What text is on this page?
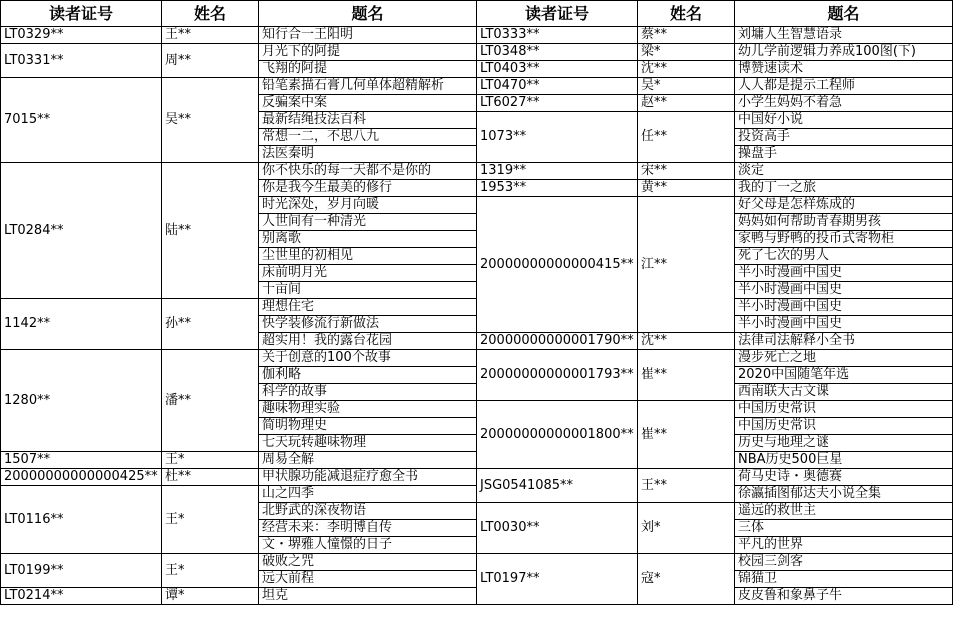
读者证号	姓名	题名	读者证号	姓名	题名
LT0329**	王**	知行合一王阳明	LT0333**	蔡**	刘墉人生智慧语录
LT0331**	周**	月光下的阿提	LT0348**	梁*	幼儿学前逻辑力养成100图(下)
		飞翔的阿提	LT0403**	沈**	博赞速读术
7015**	吴**	铅笔素描石膏几何单体超精解析	LT0470**	吴*	人人都是提示工程师
		反骗案中案	LT6027**	赵**	小学生妈妈不着急
		最新结绳技法百科	1073**	任**	中国好小说
		常想一二，不思八九			投资高手
		法医秦明			操盘手
LT0284**	陆**	你不快乐的每一天都不是你的	1319**	宋**	淡定
		你是我今生最美的修行	1953**	黄**	我的丁一之旅
		时光深处，岁月向暖	20000000000000415**	江**	好父母是怎样炼成的
		人世间有一种清光			妈妈如何帮助青春期男孩
		别离歌			家鸭与野鸭的投币式寄物柜
		尘世里的初相见			死了七次的男人
		床前明月光			半小时漫画中国史
		十亩间			半小时漫画中国史
1142**	孙**	理想住宅			半小时漫画中国史
		快学装修流行新做法			半小时漫画中国史
		超实用！我的露台花园	20000000000001790**	沈**	法律司法解释小全书
1280**	潘**	关于创意的100个故事	20000000000001793**	崔**	漫步死亡之地
		伽利略			2020中国随笔年选
		科学的故事			西南联大古文课
		趣味物理实验	20000000000001800**	崔**	中国历史常识
		简明物理史			中国历史常识
		七天玩转趣味物理			历史与地理之谜
1507**	王*	周易全解			NBA历史500巨星
20000000000000425**	杜**	甲状腺功能减退症疗愈全书	JSG0541085**	王**	荷马史诗・奥德赛
LT0116**	王*	山之四季			徐瀛插图郁达夫小说全集
		北野武的深夜物语	LT0030**	刘*	遥远的救世主
		经营未来：李明博自传			三体
		文・堺雅人憧憬的日子			平凡的世界
LT0199**	王*	破败之咒	LT0197**	寇*	校园三剑客
		远大前程			锦猫卫
LT0214**	谭*	坦克			皮皮鲁和象鼻子牛
